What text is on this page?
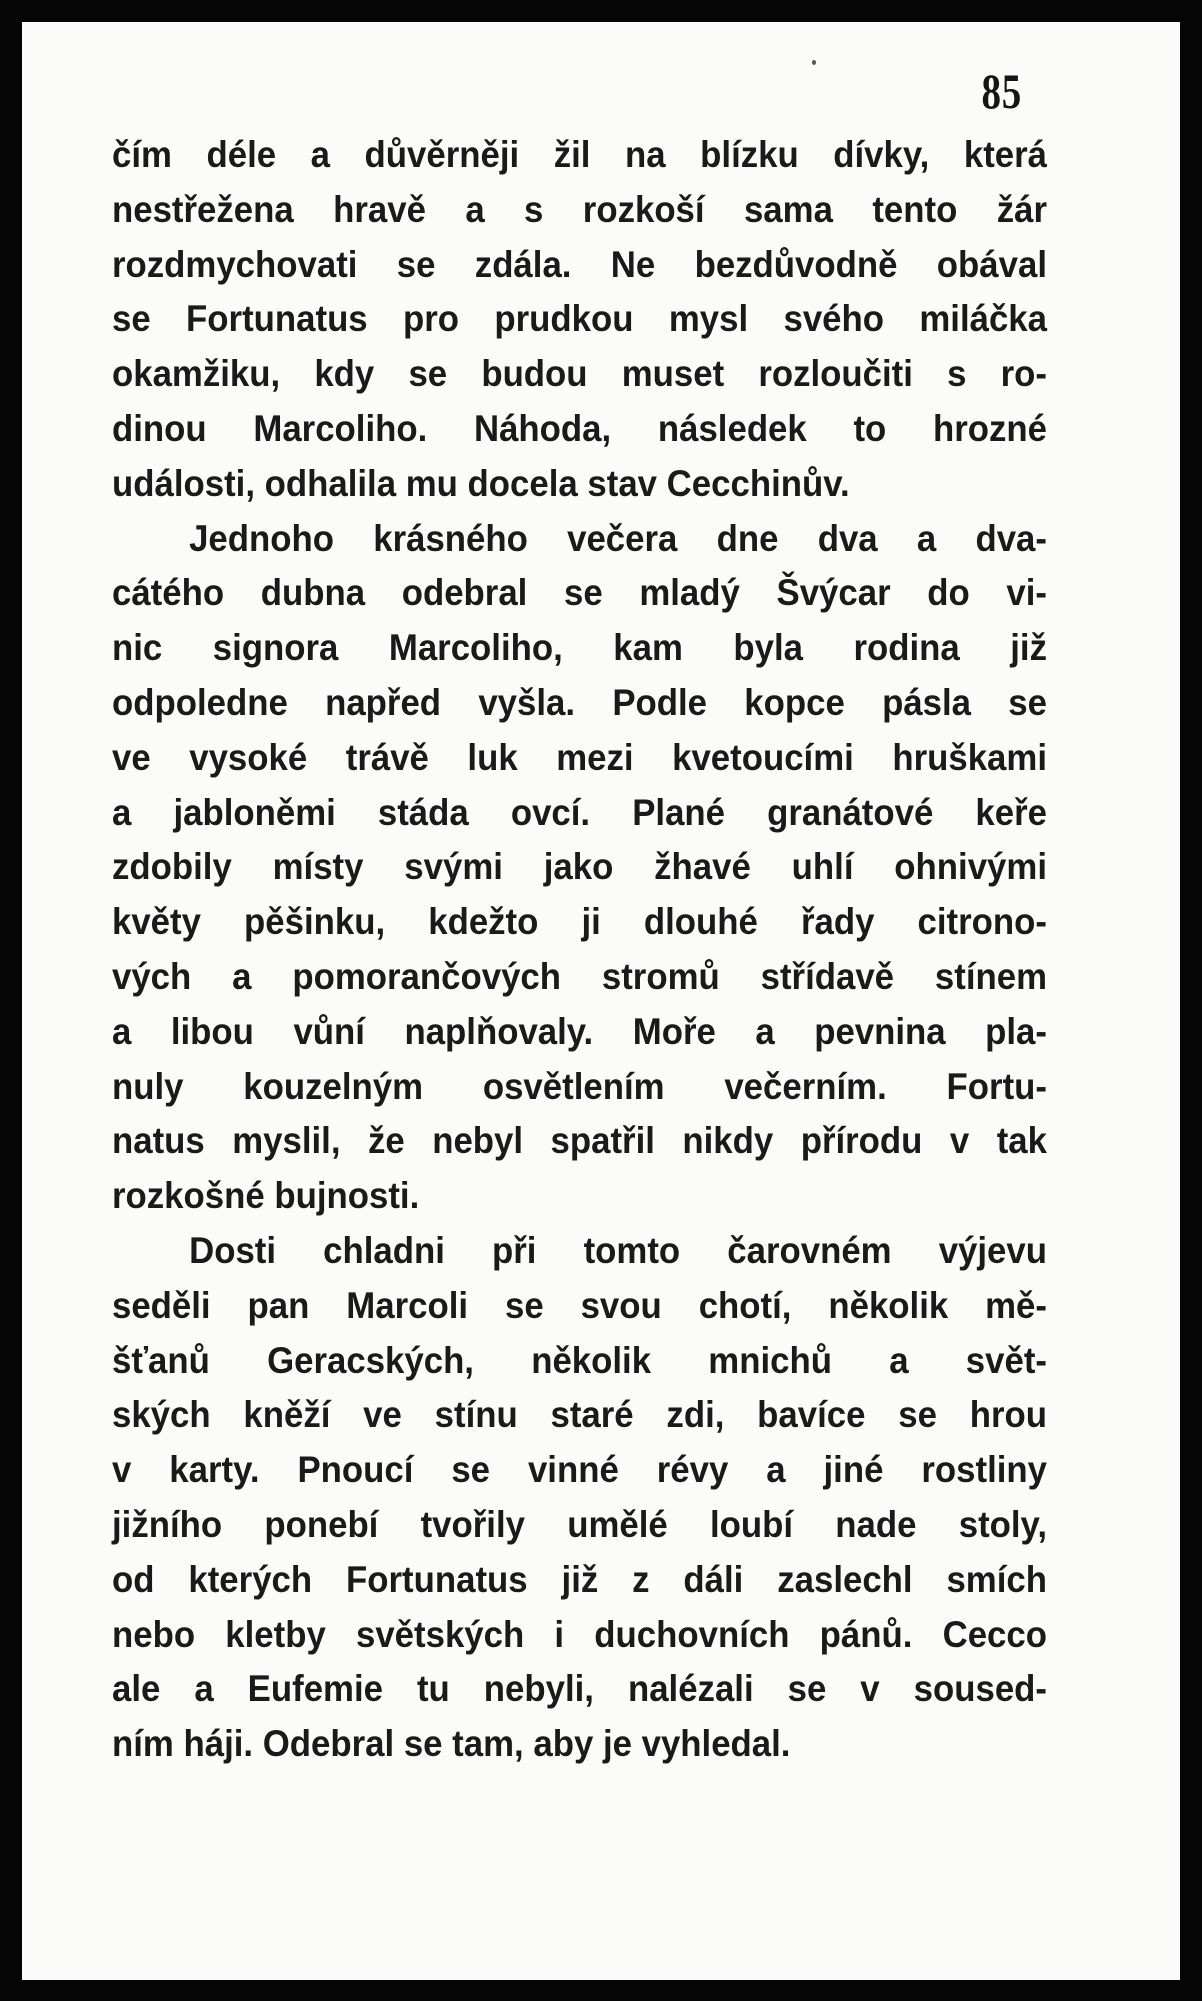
85
čím déle a důvěrněji žil na blízku dívky, která
nestřežena hravě a s rozkoší sama tento žár
rozdmychovati se zdála. Ne bezdůvodně obával
se Fortunatus pro prudkou mysl svého miláčka
okamžiku, kdy se budou muset rozloučiti s ro-
dinou Marcoliho. Náhoda, následek to hrozné
události, odhalila mu docela stav Cecchinův.
Jednoho krásného večera dne dva a dva-
cátého dubna odebral se mladý Švýcar do vi-
nic signora Marcoliho, kam byla rodina již
odpoledne napřed vyšla. Podle kopce pásla se
ve vysoké trávě luk mezi kvetoucími hruškami
a jabloněmi stáda ovcí. Plané granátové keře
zdobily místy svými jako žhavé uhlí ohnivými
květy pěšinku, kdežto ji dlouhé řady citrono-
vých a pomorančových stromů střídavě stínem
a libou vůní naplňovaly. Moře a pevnina pla-
nuly kouzelným osvětlením večerním. Fortu-
natus myslil, že nebyl spatřil nikdy přírodu v tak
rozkošné bujnosti.
Dosti chladni při tomto čarovném výjevu
seděli pan Marcoli se svou chotí, několik mě-
šťanů Geracských, několik mnichů a svět-
ských kněží ve stínu staré zdi, bavíce se hrou
v karty. Pnoucí se vinné révy a jiné rostliny
jižního ponebí tvořily umělé loubí nade stoly,
od kterých Fortunatus již z dáli zaslechl smích
nebo kletby světských i duchovních pánů. Cecco
ale a Eufemie tu nebyli, nalézali se v soused-
ním háji. Odebral se tam, aby je vyhledal.
